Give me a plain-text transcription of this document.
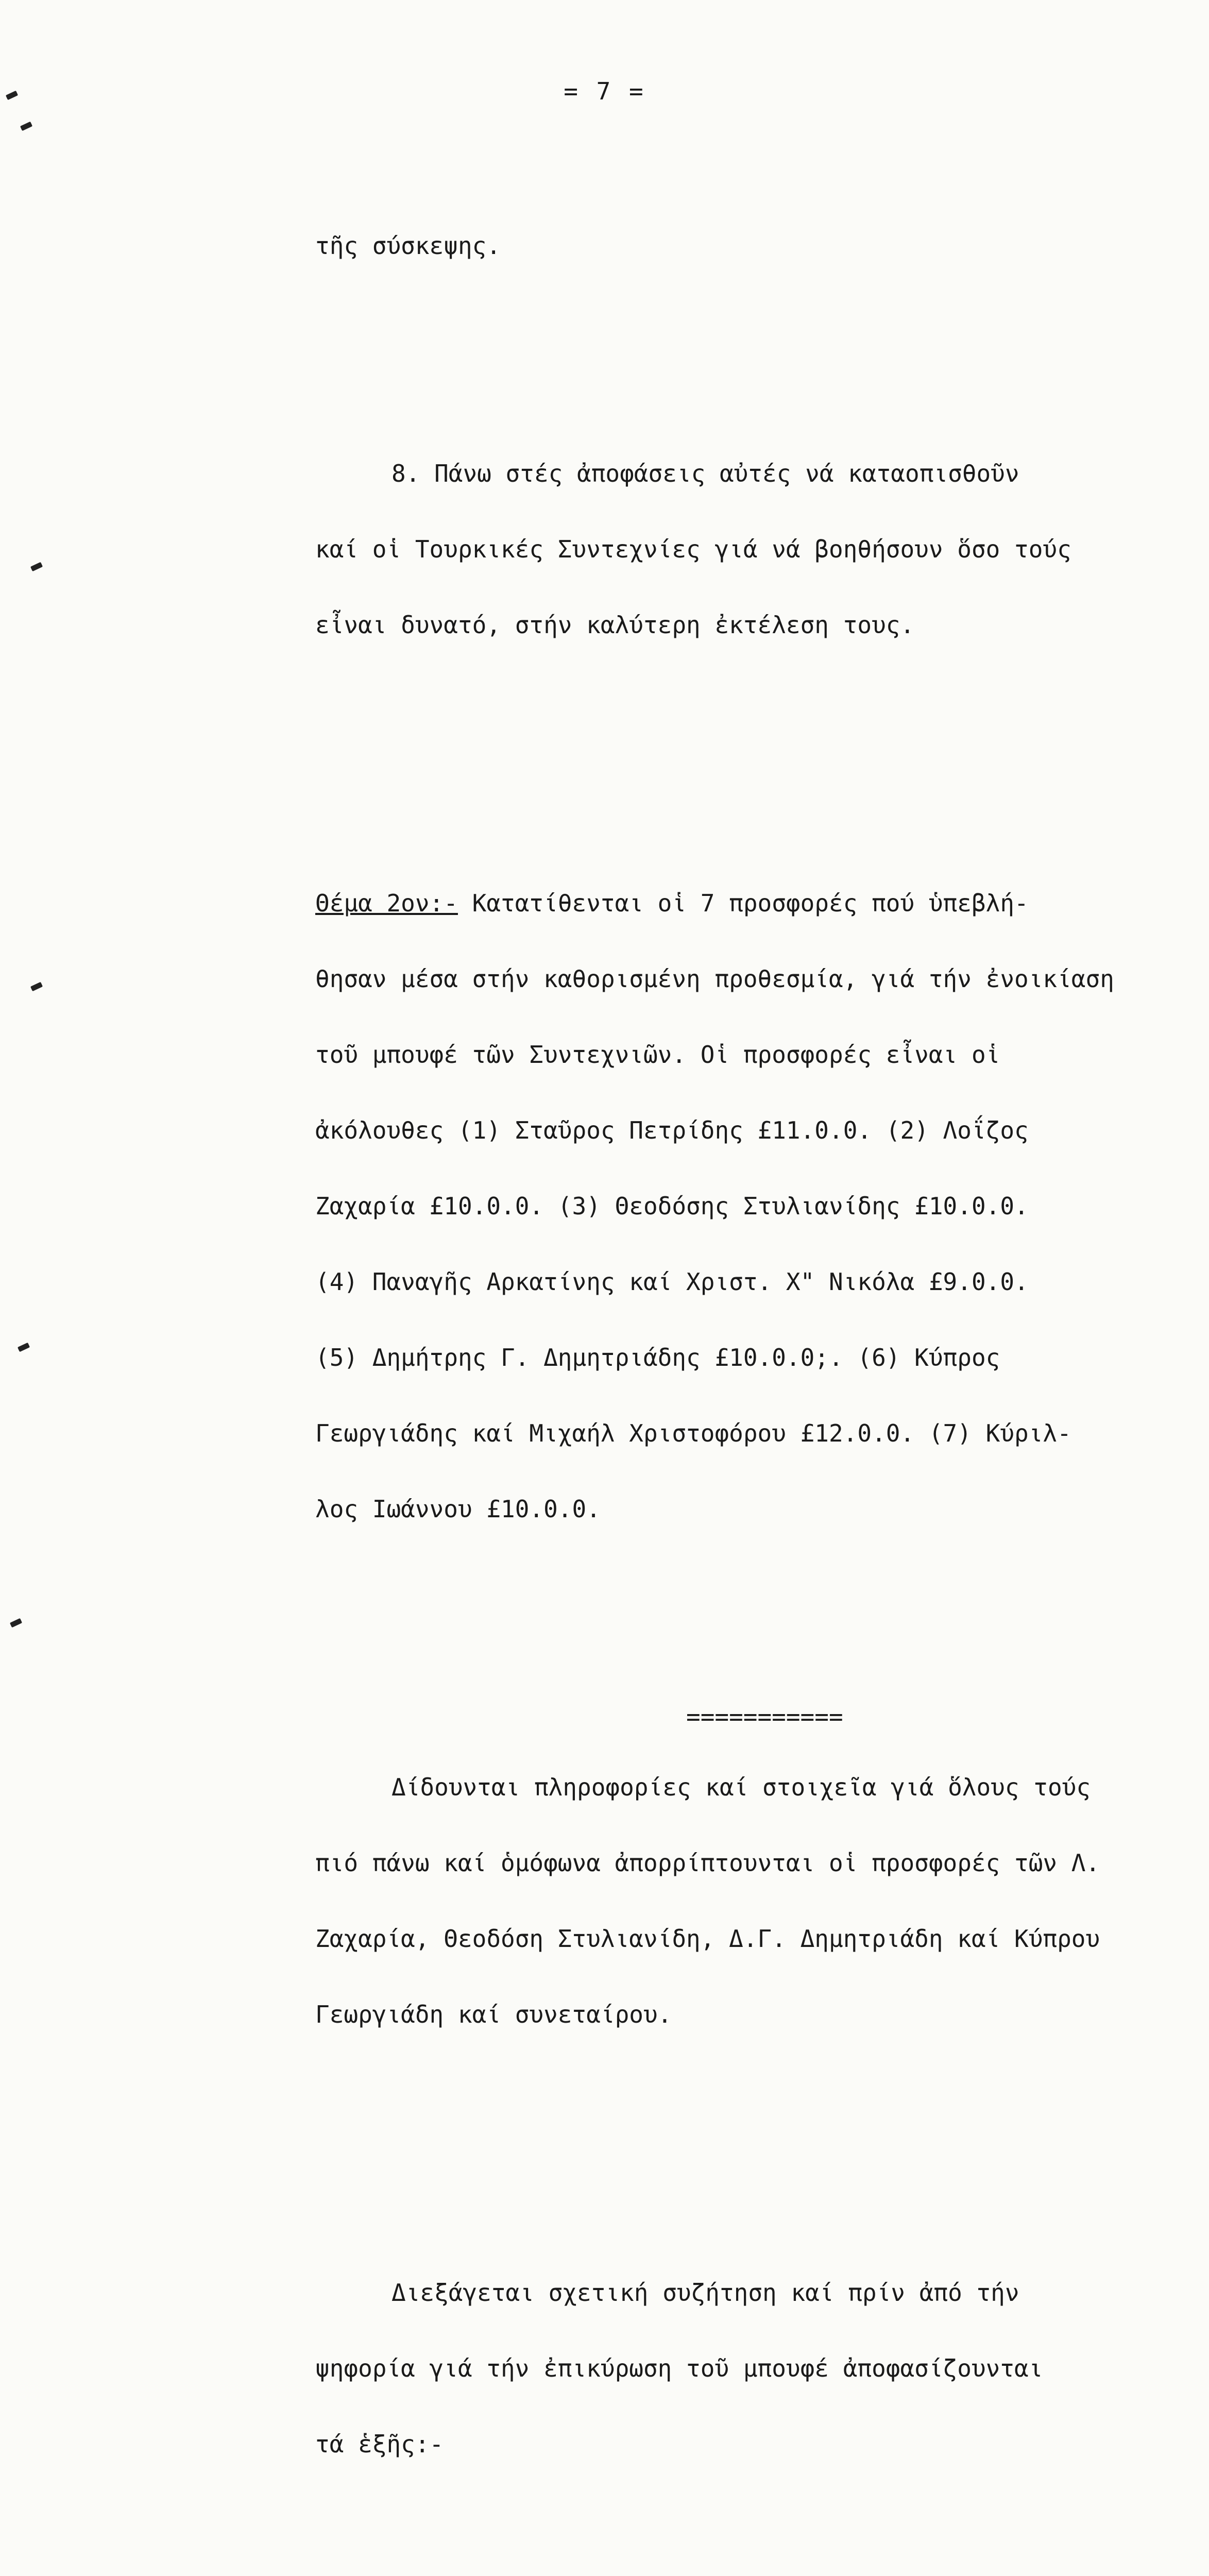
= 7 =

τῆς σύσκεψης.

8. Πάνω στές ἀποφάσεις αὐτές νά καταοπισθοῦν

καί οἱ Τουρκικές Συντεχνίες γιά νά βοηθήσουν ὅσο τούς

εἶναι δυνατό, στήν καλύτερη ἐκτέλεση τους.

Θέμα 2ον:- Κατατίθενται οἱ 7 προσφορές πού ὑπεβλή-

θησαν μέσα στήν καθορισμένη προθεσμία, γιά τήν ἐνοικίαση

τοῦ μπουφέ τῶν Συντεχνιῶν. Οἱ προσφορές εἶναι οἱ

ἀκόλουθες (1) Σταῦρος Πετρίδης £11.0.0. (2) Λοΐζος

Ζαχαρία £10.0.0. (3) Θεοδόσης Στυλιανίδης £10.0.0.

(4) Παναγῆς Αρκατίνης καί Χριστ. Χ" Νικόλα £9.0.0.

(5) Δημήτρης Γ. Δημητριάδης £10.0.0;. (6) Κύπρος

Γεωργιάδης καί Μιχαήλ Χριστοφόρου £12.0.0. (7) Κύριλ-

λος Ιωάννου £10.0.0.

Δίδουνται πληροφορίες καί στοιχεῖα γιά ὅλους τούς

πιό πάνω καί ὁμόφωνα ἀπορρίπτουνται οἱ προσφορές τῶν Λ.

Ζαχαρία, Θεοδόση Στυλιανίδη, Δ.Γ. Δημητριάδη καί Κύπρου

Γεωργιάδη καί συνεταίρου.

Διεξάγεται σχετική συζήτηση καί πρίν ἀπό τήν

ψηφορία γιά τήν ἐπικύρωση τοῦ μπουφέ ἀποφασίζουνται

τά ἑξῆς:-

===========
